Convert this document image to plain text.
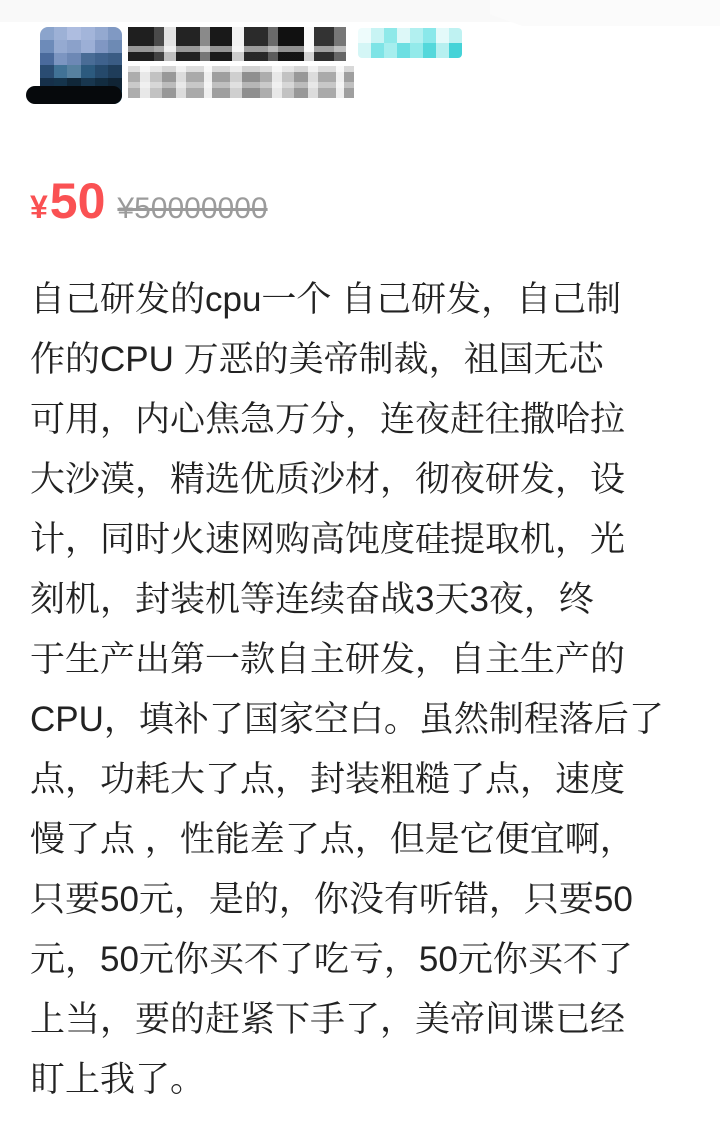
¥ 50 ¥50000000

自己研发的cpu一个 自己研发，自己制

作的CPU 万恶的美帝制裁，祖国无芯

可用，内心焦急万分，连夜赶往撒哈拉

大沙漠，精选优质沙材，彻夜研发，设

计，同时火速网购高饨度硅提取机，光

刻机，封装机等连续奋战3天3夜，终

于生产出第一款自主研发，自主生产的

CPU，填补了国家空白。虽然制程落后了

点，功耗大了点，封装粗糙了点，速度

慢了点 ，性能差了点，但是它便宜啊，

只要50元，是的，你没有听错，只要50

元，50元你买不了吃亏，50元你买不了

上当，要的赶紧下手了，美帝间谍已经

盯上我了。
